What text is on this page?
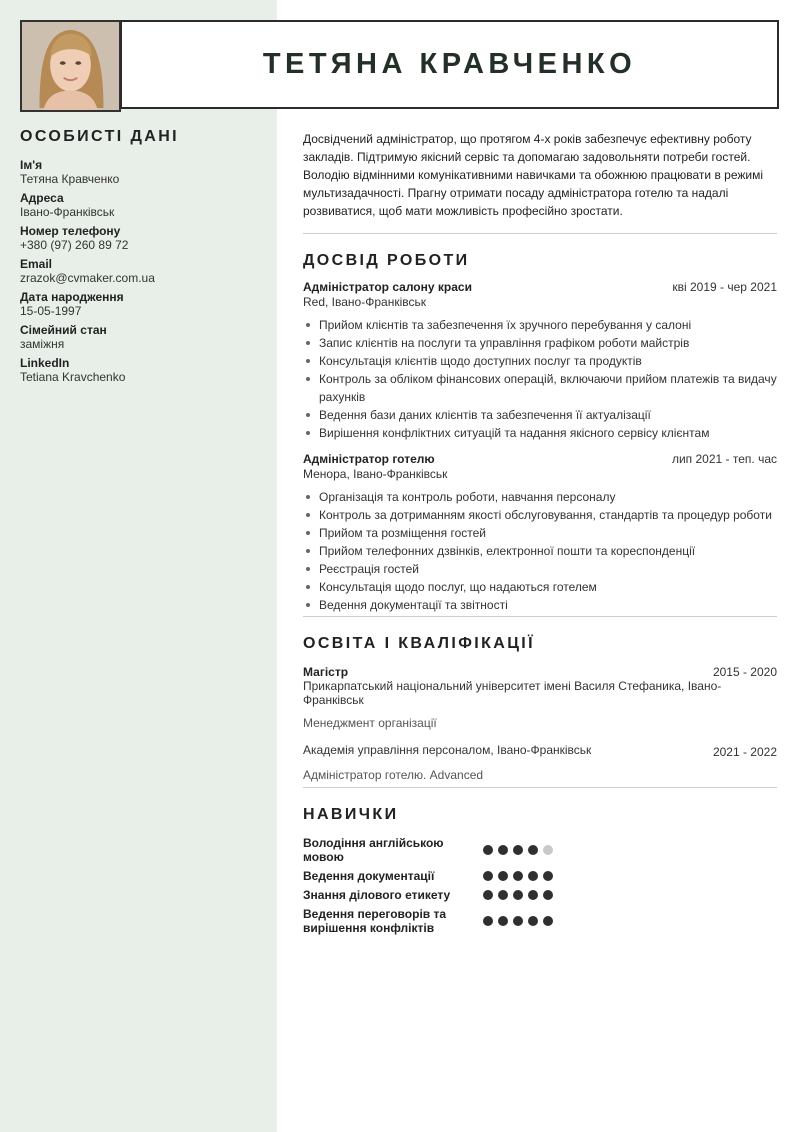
ТЕТЯНА КРАВЧЕНКО
ОСОБИСТІ ДАНІ
Ім'я
Тетяна Кравченко
Адреса
Івано-Франківськ
Номер телефону
+380 (97) 260 89 72
Email
zrazok@cvmaker.com.ua
Дата народження
15-05-1997
Сімейний стан
заміжня
LinkedIn
Tetiana Kravchenko

Досвідчений адміністратор, що протягом 4-х років забезпечує ефективну роботу закладів. Підтримую якісний сервіс та допомагаю задовольняти потреби гостей. Володію відмінними комунікативними навичками та обожнюю працювати в режимі мультизадачності. Прагну отримати посаду адміністратора готелю та надалі розвиватися, щоб мати можливість професійно зростати.

ДОСВІД РОБОТИ
Адміністратор салону краси	кві 2019 - чер 2021
Red, Івано-Франківськ
Прийом клієнтів та забезпечення їх зручного перебування у салоні
Запис клієнтів на послуги та управління графіком роботи майстрів
Консультація клієнтів щодо доступних послуг та продуктів
Контроль за обліком фінансових операцій, включаючи прийом платежів та видачу рахунків
Ведення бази даних клієнтів та забезпечення її актуалізації
Вирішення конфліктних ситуацій та надання якісного сервісу клієнтам
Адміністратор готелю	лип 2021 - теп. час
Менора, Івано-Франківськ
Організація та контроль роботи, навчання персоналу
Контроль за дотриманням якості обслуговування, стандартів та процедур роботи
Прийом та розміщення гостей
Прийом телефонних дзвінків, електронної пошти та кореспонденції
Реєстрація гостей
Консультація щодо послуг, що надаються готелем
Ведення документації та звітності
ОСВІТА І КВАЛІФІКАЦІЇ
Магістр	2015 - 2020
Прикарпатський національний університет імені Василя Стефаника, Івано-Франківськ
Менеджмент організації
Академія управління персоналом, Івано-Франківськ	2021 - 2022
Адміністратор готелю. Advanced
НАВИЧКИ
Володіння англійською мовою
Ведення документації
Знання ділового етикету
Ведення переговорів та вирішення конфліктів
